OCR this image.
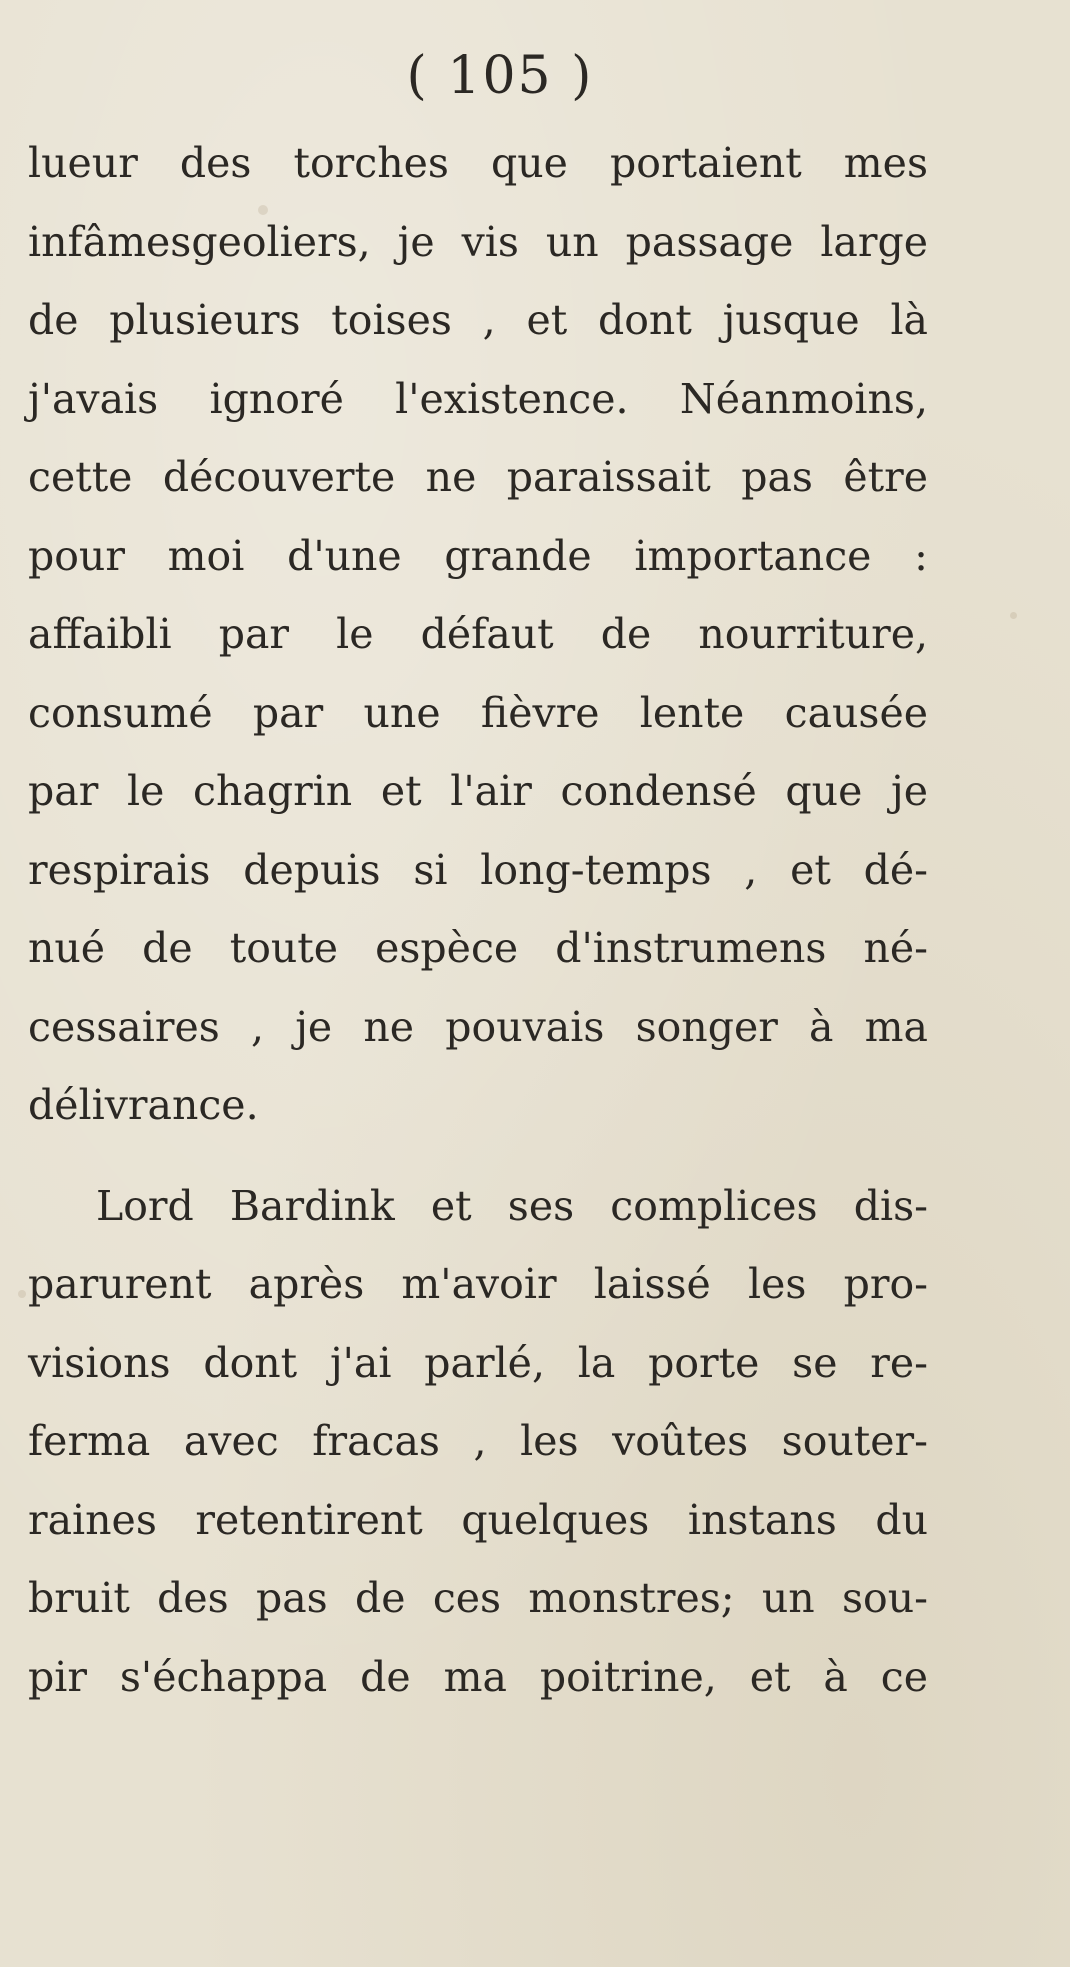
( 105 )
lueur des torches que portaient mes
infâmesgeoliers, je vis un passage large
de plusieurs toises , et dont jusque là
j'avais ignoré l'existence. Néanmoins,
cette découverte ne paraissait pas être
pour moi d'une grande importance :
affaibli par le défaut de nourriture,
consumé par une fièvre lente causée
par le chagrin et l'air condensé que je
respirais depuis si long-temps , et dé-
nué de toute espèce d'instrumens né-
cessaires , je ne pouvais songer à ma
délivrance.
Lord Bardink et ses complices dis-
parurent après m'avoir laissé les pro-
visions dont j'ai parlé, la porte se re-
ferma avec fracas , les voûtes souter-
raines retentirent quelques instans du
bruit des pas de ces monstres; un sou-
pir s'échappa de ma poitrine, et à ce
